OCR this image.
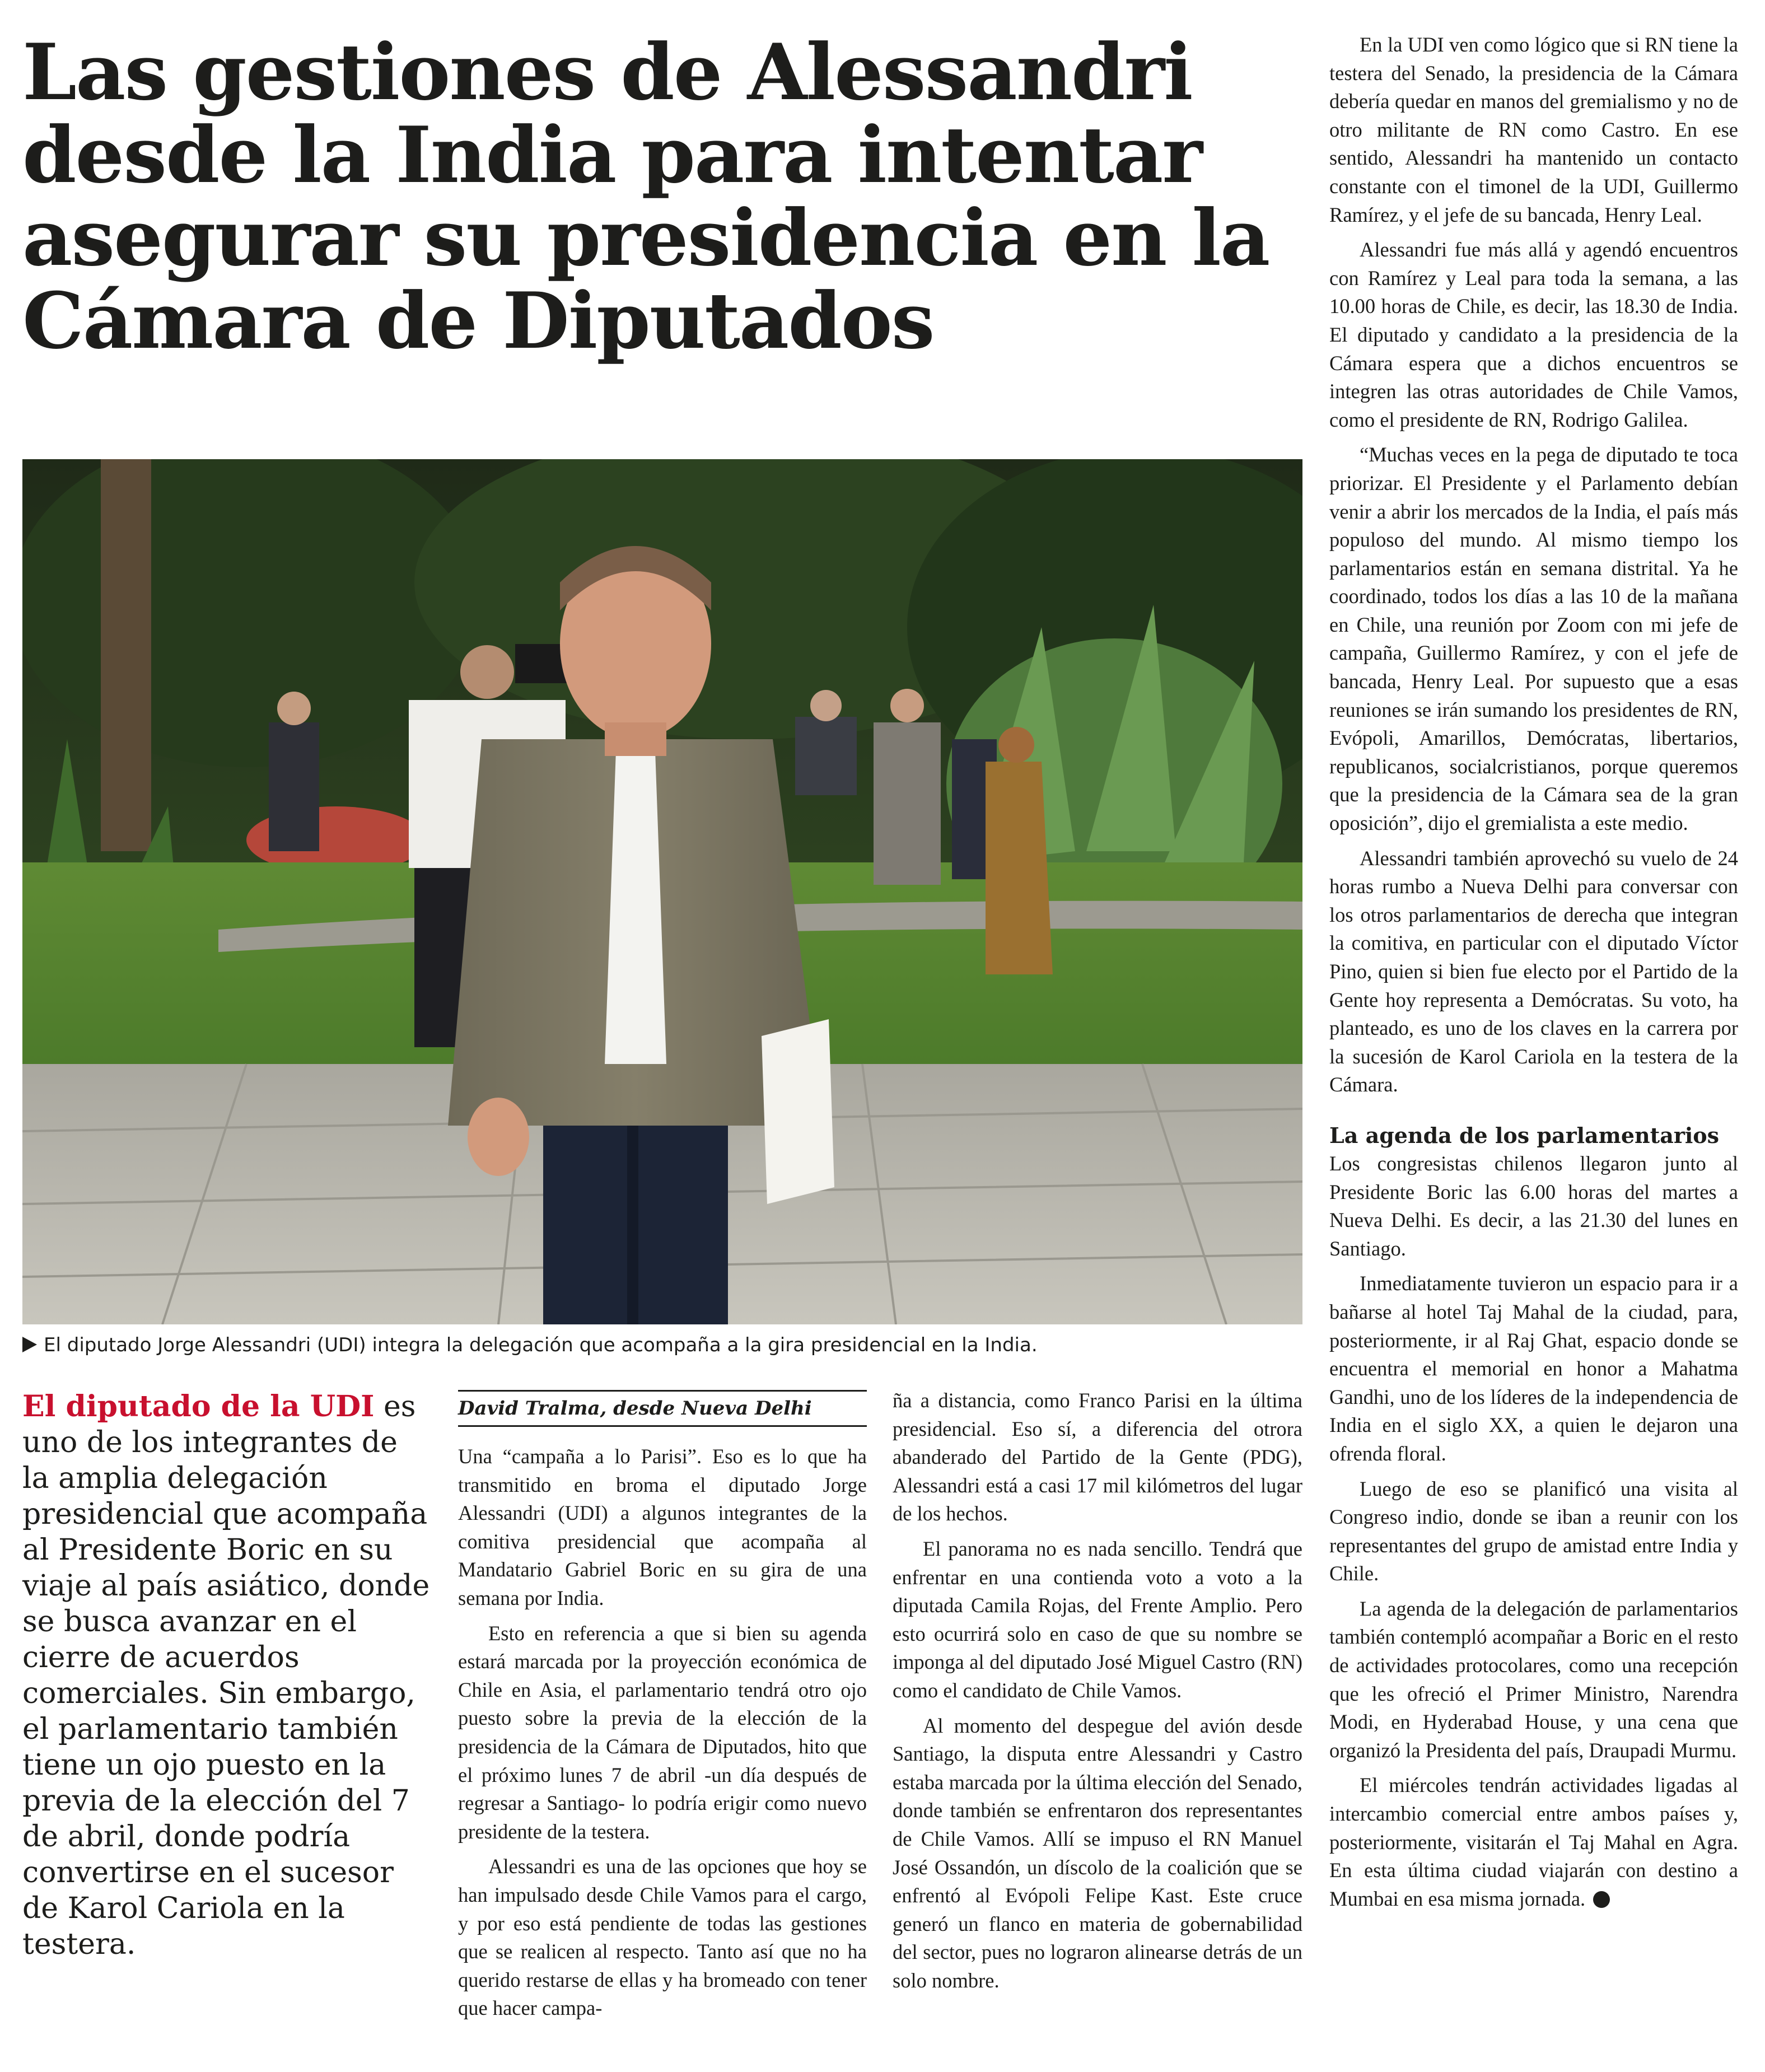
Las gestiones de Alessandri desde la India para intentar asegurar su presidencia en la Cámara de Diputados
El diputado Jorge Alessandri (UDI) integra la delegación que acompaña a la gira presidencial en la India.
El diputado de la UDI es uno de los integrantes de la amplia delegación presidencial que acompaña al Presidente Boric en su viaje al país asiático, donde se busca avanzar en el cierre de acuerdos comerciales. Sin embargo, el parlamentario también tiene un ojo puesto en la previa de la elección del 7 de abril, donde podría convertirse en el sucesor de Karol Cariola en la testera.
David Tralma, desde Nueva Delhi

Una “campaña a lo Parisi”. Eso es lo que ha transmitido en broma el diputado Jorge Alessandri (UDI) a algunos integrantes de la comitiva presidencial que acompaña al Mandatario Gabriel Boric en su gira de una semana por India.

Esto en referencia a que si bien su agenda estará marcada por la proyección económica de Chile en Asia, el parlamentario tendrá otro ojo puesto sobre la previa de la elección de la presidencia de la Cámara de Diputados, hito que el próximo lunes 7 de abril -un día después de regresar a Santiago- lo podría erigir como nuevo presidente de la testera.

Alessandri es una de las opciones que hoy se han impulsado desde Chile Vamos para el cargo, y por eso está pendiente de todas las gestiones que se realicen al respecto. Tanto así que no ha querido restarse de ellas y ha bromeado con tener que hacer campa-

ña a distancia, como Franco Parisi en la última presidencial. Eso sí, a diferencia del otrora abanderado del Partido de la Gente (PDG), Alessandri está a casi 17 mil kilómetros del lugar de los hechos.

El panorama no es nada sencillo. Tendrá que enfrentar en una contienda voto a voto a la diputada Camila Rojas, del Frente Amplio. Pero esto ocurrirá solo en caso de que su nombre se imponga al del diputado José Miguel Castro (RN) como el candidato de Chile Vamos.

Al momento del despegue del avión desde Santiago, la disputa entre Alessandri y Castro estaba marcada por la última elección del Senado, donde también se enfrentaron dos representantes de Chile Vamos. Allí se impuso el RN Manuel José Ossandón, un díscolo de la coalición que se enfrentó al Evópoli Felipe Kast. Este cruce generó un flanco en materia de gobernabilidad del sector, pues no lograron alinearse detrás de un solo nombre.

En la UDI ven como lógico que si RN tiene la testera del Senado, la presidencia de la Cámara debería quedar en manos del gremialismo y no de otro militante de RN como Castro. En ese sentido, Alessandri ha mantenido un contacto constante con el timonel de la UDI, Guillermo Ramírez, y el jefe de su bancada, Henry Leal.

Alessandri fue más allá y agendó encuentros con Ramírez y Leal para toda la semana, a las 10.00 horas de Chile, es decir, las 18.30 de India. El diputado y candidato a la presidencia de la Cámara espera que a dichos encuentros se integren las otras autoridades de Chile Vamos, como el presidente de RN, Rodrigo Galilea.

“Muchas veces en la pega de diputado te toca priorizar. El Presidente y el Parlamento debían venir a abrir los mercados de la India, el país más populoso del mundo. Al mismo tiempo los parlamentarios están en semana distrital. Ya he coordinado, todos los días a las 10 de la mañana en Chile, una reunión por Zoom con mi jefe de campaña, Guillermo Ramírez, y con el jefe de bancada, Henry Leal. Por supuesto que a esas reuniones se irán sumando los presidentes de RN, Evópoli, Amarillos, Demócratas, libertarios, republicanos, socialcristianos, porque queremos que la presidencia de la Cámara sea de la gran oposición”, dijo el gremialista a este medio.

Alessandri también aprovechó su vuelo de 24 horas rumbo a Nueva Delhi para conversar con los otros parlamentarios de derecha que integran la comitiva, en particular con el diputado Víctor Pino, quien si bien fue electo por el Partido de la Gente hoy representa a Demócratas. Su voto, ha planteado, es uno de los claves en la carrera por la sucesión de Karol Cariola en la testera de la Cámara.

La agenda de los parlamentarios

Los congresistas chilenos llegaron junto al Presidente Boric las 6.00 horas del martes a Nueva Delhi. Es decir, a las 21.30 del lunes en Santiago.

Inmediatamente tuvieron un espacio para ir a bañarse al hotel Taj Mahal de la ciudad, para, posteriormente, ir al Raj Ghat, espacio donde se encuentra el memorial en honor a Mahatma Gandhi, uno de los líderes de la independencia de India en el siglo XX, a quien le dejaron una ofrenda floral.

Luego de eso se planificó una visita al Congreso indio, donde se iban a reunir con los representantes del grupo de amistad entre India y Chile.

La agenda de la delegación de parlamentarios también contempló acompañar a Boric en el resto de actividades protocolares, como una recepción que les ofreció el Primer Ministro, Narendra Modi, en Hyderabad House, y una cena que organizó la Presidenta del país, Draupadi Murmu.

El miércoles tendrán actividades ligadas al intercambio comercial entre ambos países y, posteriormente, visitarán el Taj Mahal en Agra. En esta última ciudad viajarán con destino a Mumbai en esa misma jornada.
